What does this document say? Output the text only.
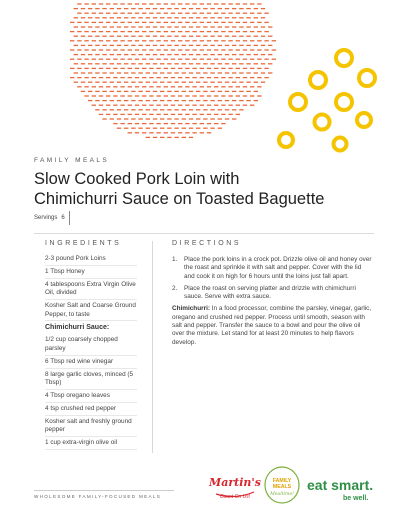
FAMILY MEALS
Slow Cooked Pork Loin with
Chimichurri Sauce on Toasted Baguette
Servings 6
INGREDIENTS	DIRECTIONS
2-3 pound Pork Loins
1 Tbsp Honey
4 tablespoons Extra Virgin Olive Oil, divided
Kosher Salt and Coarse Ground Pepper, to taste
Chimichurri Sauce:
1/2 cup coarsely chopped parsley
6 Tbsp red wine vinegar
8 large garlic cloves, minced (5 Tbsp)
4 Tbsp oregano leaves
4 tsp crushed red pepper
Kosher salt and freshly ground pepper
1 cup extra-virgin olive oil
1.	Place the pork loins in a crock pot. Drizzle olive oil and honey over the roast and sprinkle it with salt and pepper. Cover with the lid and cook it on high for 6 hours until the loins just fall apart.
2.	Place the roast on serving platter and drizzle with chimichurri sauce. Serve with extra sauce.
Chimichurri: In a food processor, combine the parsley, vinegar, garlic, oregano and crushed red pepper. Process until smooth, season with salt and pepper. Transfer the sauce to a bowl and pour the olive oil over the mixture. Let stand for at least 20 minutes to help flavors develop.
WHOLESOME FAMILY-FOCUSED MEALS
Martin's
Count On Us!
FAMILY
MEALS
Mealtime!
eat smart.
be well.
